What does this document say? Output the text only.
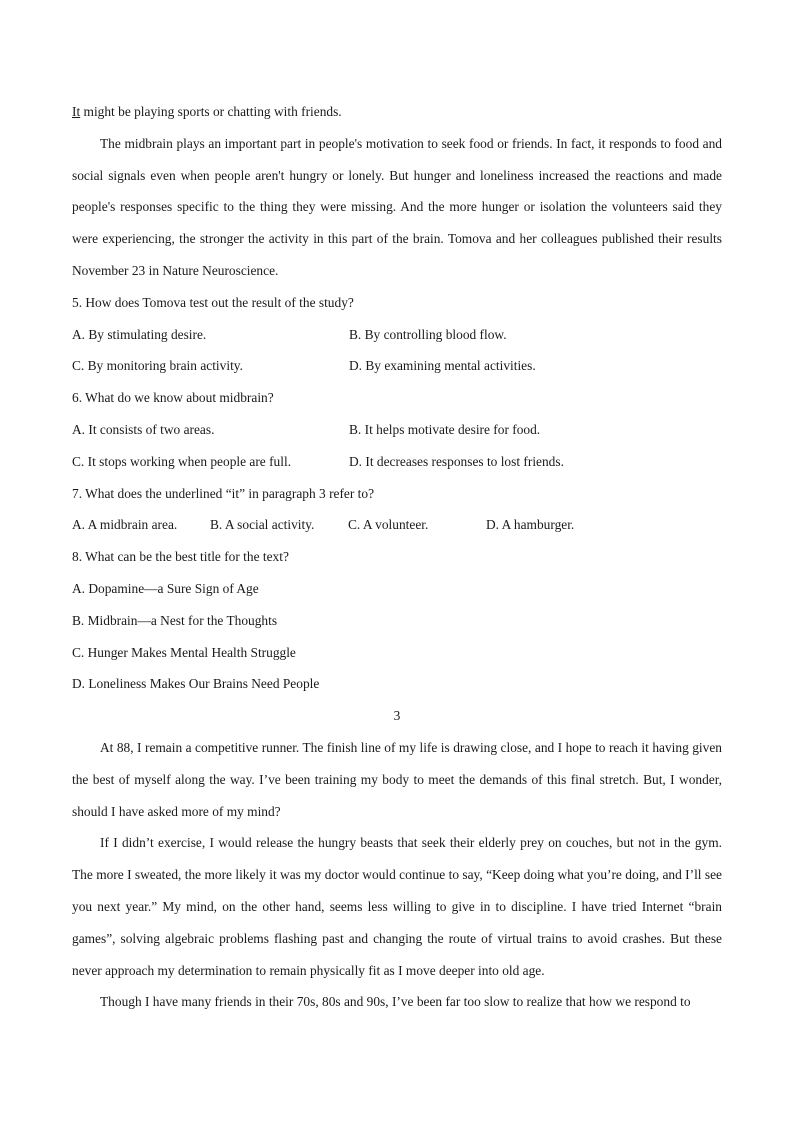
It might be playing sports or chatting with friends.

The midbrain plays an important part in people's motivation to seek food or friends. In fact, it responds to food and social signals even when people aren't hungry or lonely. But hunger and loneliness increased the reactions and made people's responses specific to the thing they were missing. And the more hunger or isolation the volunteers said they were experiencing, the stronger the activity in this part of the brain. Tomova and her colleagues published their results November 23 in Nature Neuroscience.

5. How does Tomova test out the result of the study?
A. By stimulating desire.	B. By controlling blood flow.
C. By monitoring brain activity.	D. By examining mental activities.
6. What do we know about midbrain?
A. It consists of two areas.	B. It helps motivate desire for food.
C. It stops working when people are full.	D. It decreases responses to lost friends.
7. What does the underlined “it” in paragraph 3 refer to?
A. A midbrain area.	B. A social activity.	C. A volunteer.	D. A hamburger.
8. What can be the best title for the text?
A. Dopamine—a Sure Sign of Age
B. Midbrain—a Nest for the Thoughts
C. Hunger Makes Mental Health Struggle
D. Loneliness Makes Our Brains Need People
3

At 88, I remain a competitive runner. The finish line of my life is drawing close, and I hope to reach it having given the best of myself along the way. I’ve been training my body to meet the demands of this final stretch. But, I wonder, should I have asked more of my mind?

If I didn’t exercise, I would release the hungry beasts that seek their elderly prey on couches, but not in the gym. The more I sweated, the more likely it was my doctor would continue to say, “Keep doing what you’re doing, and I’ll see you next year.” My mind, on the other hand, seems less willing to give in to discipline. I have tried Internet “brain games”, solving algebraic problems flashing past and changing the route of virtual trains to avoid crashes. But these never approach my determination to remain physically fit as I move deeper into old age.

Though I have many friends in their 70s, 80s and 90s, I’ve been far too slow to realize that how we respond to
